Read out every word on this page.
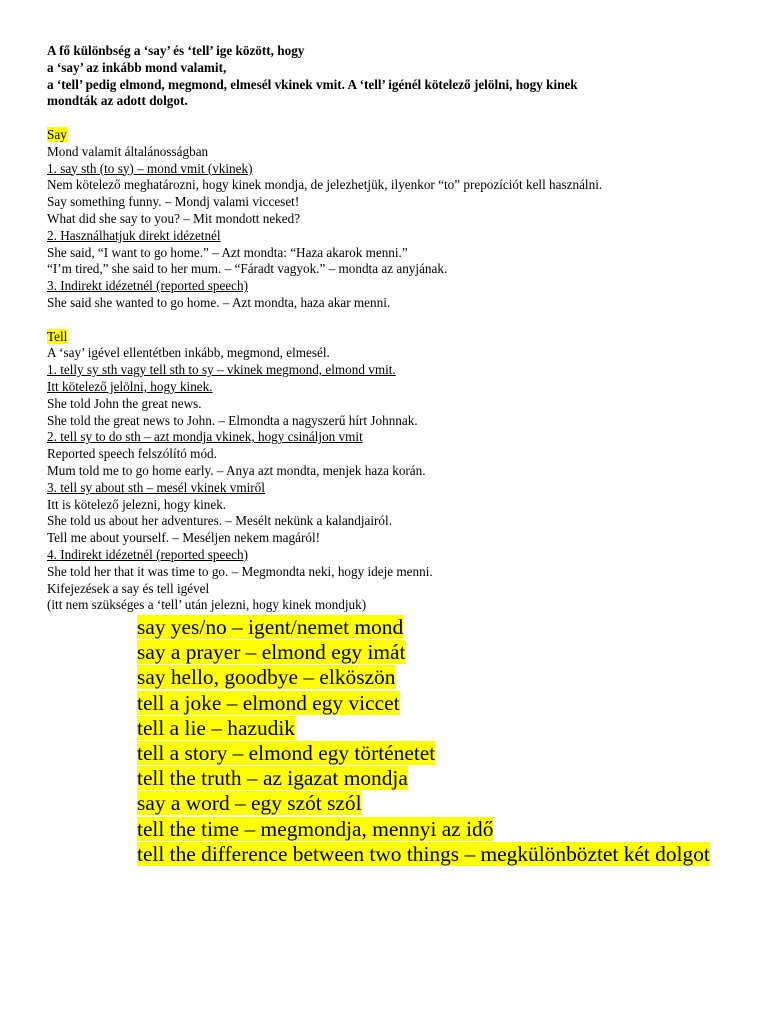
A fő különbség a ‘say’ és ‘tell’ ige között, hogy
a ‘say’ az inkább mond valamit,
a ‘tell’ pedig elmond, megmond, elmesél vkinek vmit. A ‘tell’ igénél kötelező jelölni, hogy kinek
mondták az adott dolgot.
Say
Mond valamit általánosságban
1. say sth (to sy) – mond vmit (vkinek)
Nem kötelező meghatározni, hogy kinek mondja, de jelezhetjük, ilyenkor “to” prepozíciót kell használni.
Say something funny. – Mondj valami vicceset!
What did she say to you? – Mit mondott neked?
2. Használhatjuk direkt idézetnél
She said, “I want to go home.” – Azt mondta: “Haza akarok menni.”
“I’m tired,” she said to her mum. – “Fáradt vagyok.” – mondta az anyjának.
3. Indirekt idézetnél (reported speech)
She said she wanted to go home. – Azt mondta, haza akar menni.
Tell
A ‘say’ igével ellentétben inkább, megmond, elmesél.
1. telly sy sth vagy tell sth to sy – vkinek megmond, elmond vmit.
Itt kötelező jelölni, hogy kinek.
She told John the great news.
She told the great news to John. – Elmondta a nagyszerű hírt Johnnak.
2. tell sy to do sth – azt mondja vkinek, hogy csináljon vmit
Reported speech felszólító mód.
Mum told me to go home early. – Anya azt mondta, menjek haza korán.
3. tell sy about sth – mesél vkinek vmiről
Itt is kötelező jelezni, hogy kinek.
She told us about her adventures. – Mesélt nekünk a kalandjairól.
Tell me about yourself. – Meséljen nekem magáról!
4. Indirekt idézetnél (reported speech)
She told her that it was time to go. – Megmondta neki, hogy ideje menni.
Kifejezések a say és tell igével
(itt nem szükséges a ‘tell’ után jelezni, hogy kinek mondjuk)
say yes/no – igent/nemet mond
say a prayer – elmond egy imát
say hello, goodbye – elköszön
tell a joke – elmond egy viccet
tell a lie – hazudik
tell a story – elmond egy történetet
tell the truth – az igazat mondja
say a word – egy szót szól
tell the time – megmondja, mennyi az idő
tell the difference between two things – megkülönböztet két dolgot
